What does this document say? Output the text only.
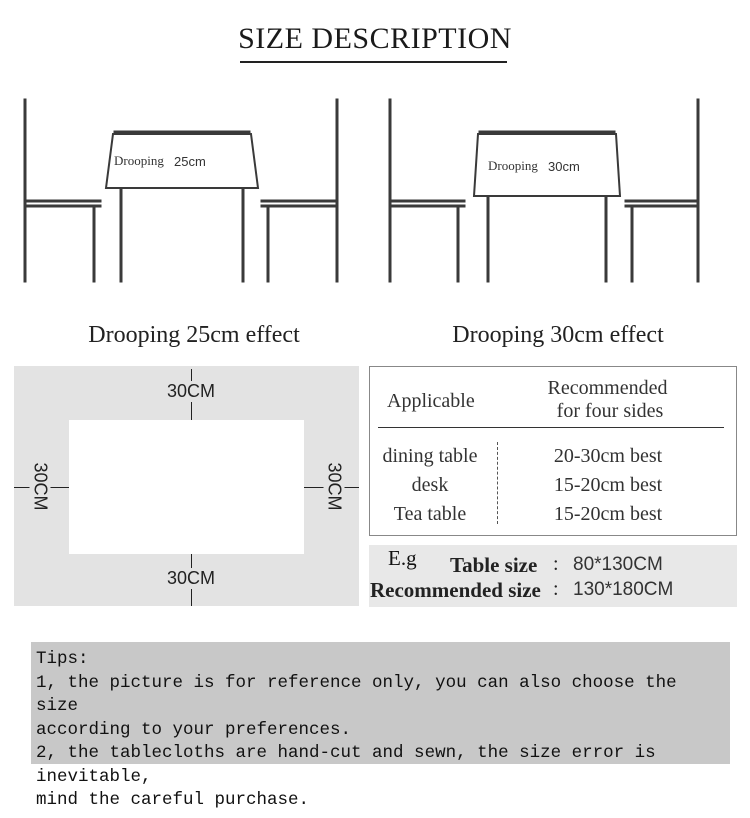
SIZE DESCRIPTION
Drooping 25cm
Drooping 25cm effect
Drooping 30cm
Drooping 30cm effect
30CM
30CM
30CM	30CM
Applicable
Recommended
for four sides
dining table	20-30cm best
desk	15-20cm best
Tea table	15-20cm best
E.g Table size : 80*130CM
Recommended size : 130*180CM
Tips:
1, the picture is for reference only, you can also choose the size
according to your preferences.
2, the tablecloths are hand-cut and sewn, the size error is inevitable,
mind the careful purchase.
